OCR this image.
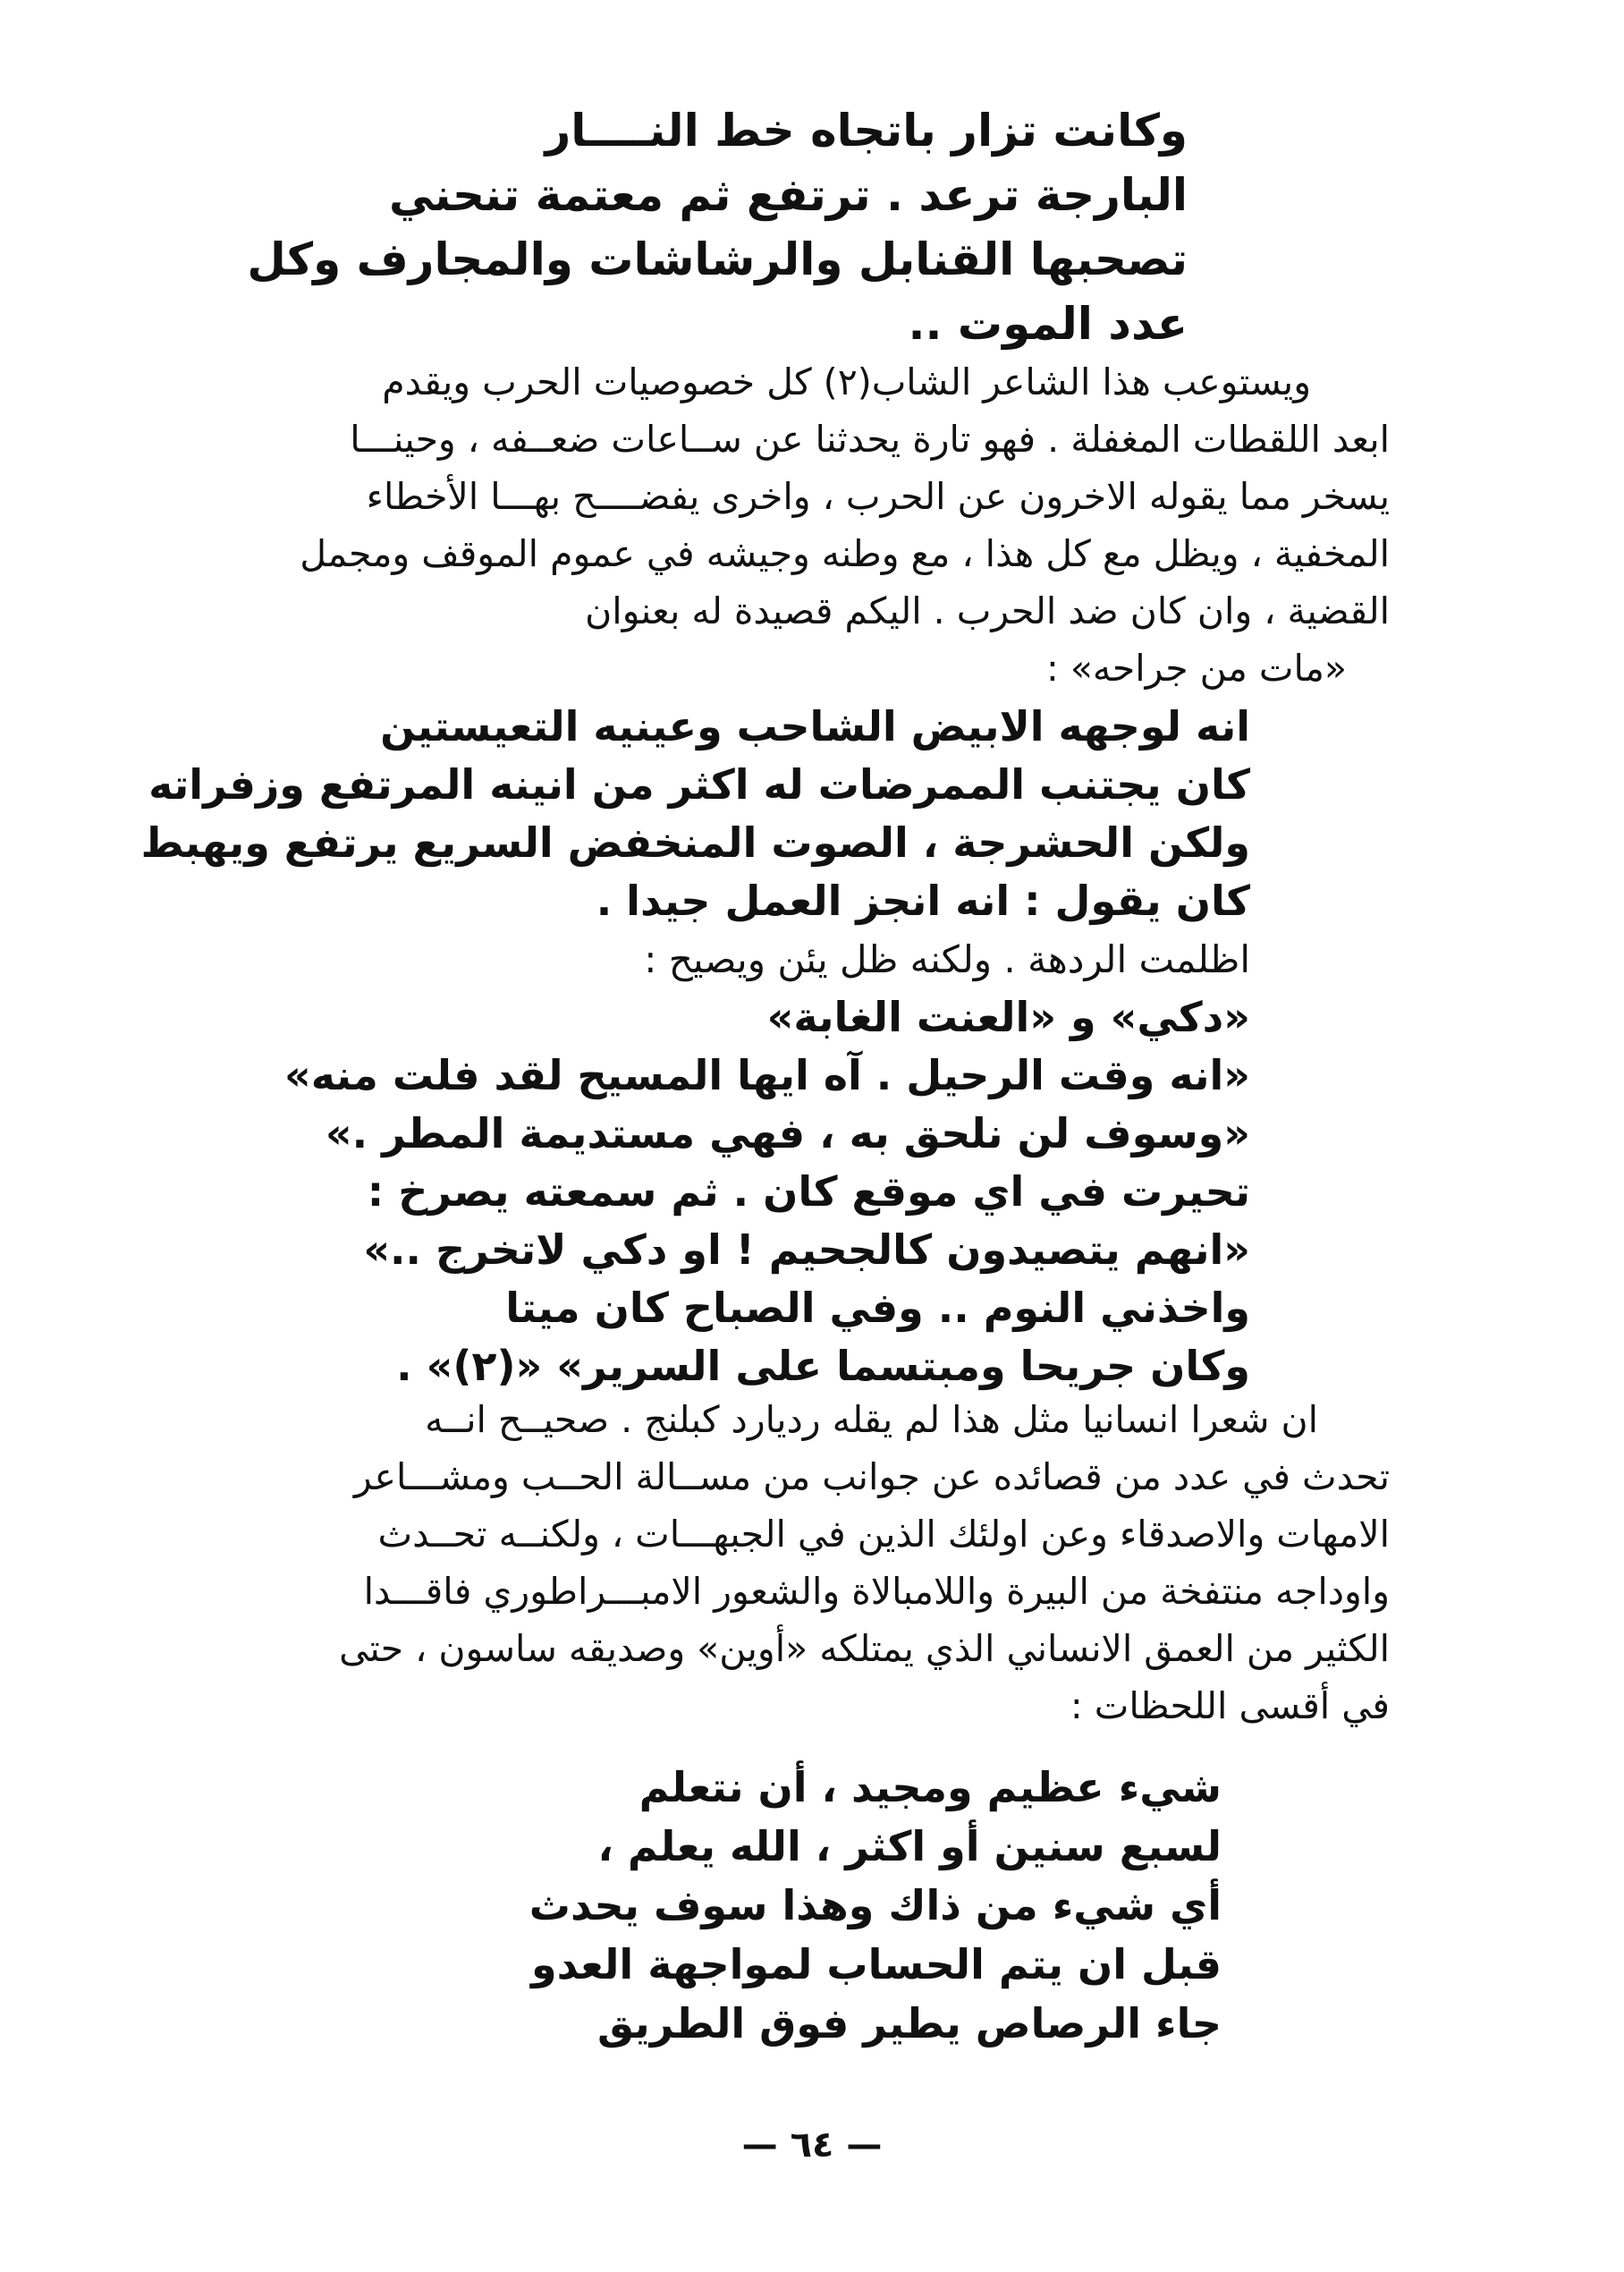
وكانت تزار باتجاه خط النــــار
البارجة ترعد . ترتفع ثم معتمة تنحني
تصحبها القنابل والرشاشات والمجارف وكل
عدد الموت ..
ويستوعب هذا الشاعر الشاب(٢) كل خصوصيات الحرب ويقدم
ابعد اللقطات المغفلة . فهو تارة يحدثنا عن ســاعات ضعــفه ، وحينـــا
يسخر مما يقوله الاخرون عن الحرب ، واخرى يفضــــح بهـــا الأخطاء
المخفية ، ويظل مع كل هذا ، مع وطنه وجيشه في عموم الموقف ومجمل
القضية ، وان كان ضد الحرب . اليكم قصيدة له بعنوان
«مات من جراحه» :
انه لوجهه الابيض الشاحب وعينيه التعيستين
كان يجتنب الممرضات له اكثر من انينه المرتفع وزفراته
ولكن الحشرجة ، الصوت المنخفض السريع يرتفع ويهبط
كان يقول : انه انجز العمل جيدا .
اظلمت الردهة . ولكنه ظل يئن ويصيح :
«دكي» و «العنت الغابة»
«انه وقت الرحيل . آه ايها المسيح لقد فلت منه»
«وسوف لن نلحق به ، فهي مستديمة المطر .»
تحيرت في اي موقع كان . ثم سمعته يصرخ :
«انهم يتصيدون كالجحيم ! او دكي لاتخرج ..»
واخذني النوم .. وفي الصباح كان ميتا
وكان جريحا ومبتسما على السرير» «(٢)» .
ان شعرا انسانيا مثل هذا لم يقله رديارد كبلنج . صحيــح انــه
تحدث في عدد من قصائده عن جوانب من مســالة الحــب ومشـــاعر
الامهات والاصدقاء وعن اولئك الذين في الجبهـــات ، ولكنــه تحــدث
واوداجه منتفخة من البيرة واللامبالاة والشعور الامبـــراطوري فاقـــدا
الكثير من العمق الانساني الذي يمتلكه «أوين» وصديقه ساسون ، حتى
في أقسى اللحظات :
شيء عظيم ومجيد ، أن نتعلم
لسبع سنين أو اكثر ، الله يعلم ،
أي شيء من ذاك وهذا سوف يحدث
قبل ان يتم الحساب لمواجهة العدو
جاء الرصاص يطير فوق الطريق
— ٦٤ —
